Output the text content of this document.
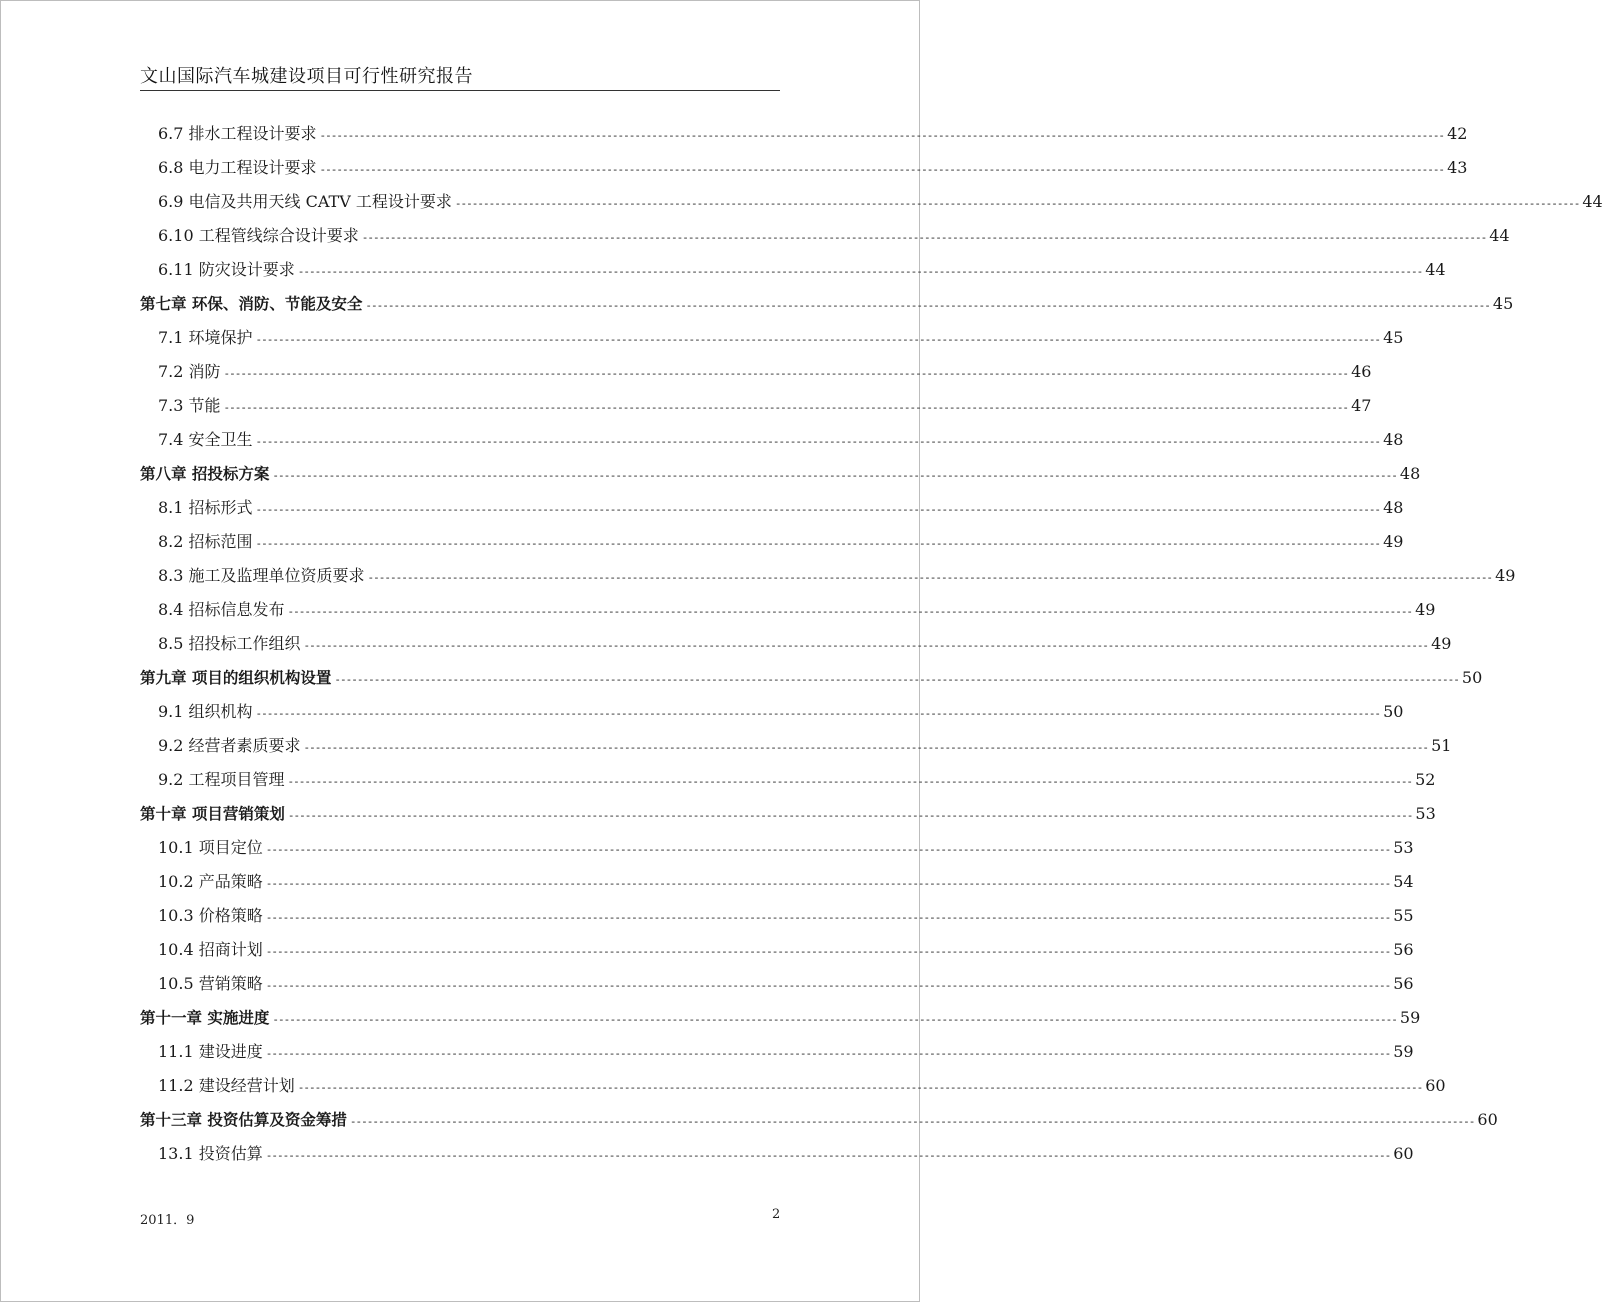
文山国际汽车城建设项目可行性研究报告
6.7 排水工程设计要求 -------------------------------------------------------------------------------------------------------------------------------------------------------------------------------------------------------- 42
6.8 电力工程设计要求 -------------------------------------------------------------------------------------------------------------------------------------------------------------------------------------------------------- 43
6.9 电信及共用天线 CATV 工程设计要求 -------------------------------------------------------------------------------------------------------------------------------------------------------------------------------------------------------- 44
6.10 工程管线综合设计要求 -------------------------------------------------------------------------------------------------------------------------------------------------------------------------------------------------------- 44
6.11 防灾设计要求 -------------------------------------------------------------------------------------------------------------------------------------------------------------------------------------------------------- 44
第七章 环保、消防、节能及安全 -------------------------------------------------------------------------------------------------------------------------------------------------------------------------------------------------------- 45
7.1 环境保护 -------------------------------------------------------------------------------------------------------------------------------------------------------------------------------------------------------- 45
7.2 消防 -------------------------------------------------------------------------------------------------------------------------------------------------------------------------------------------------------- 46
7.3 节能 -------------------------------------------------------------------------------------------------------------------------------------------------------------------------------------------------------- 47
7.4 安全卫生 -------------------------------------------------------------------------------------------------------------------------------------------------------------------------------------------------------- 48
第八章 招投标方案 -------------------------------------------------------------------------------------------------------------------------------------------------------------------------------------------------------- 48
8.1 招标形式 -------------------------------------------------------------------------------------------------------------------------------------------------------------------------------------------------------- 48
8.2 招标范围 -------------------------------------------------------------------------------------------------------------------------------------------------------------------------------------------------------- 49
8.3 施工及监理单位资质要求 -------------------------------------------------------------------------------------------------------------------------------------------------------------------------------------------------------- 49
8.4 招标信息发布 -------------------------------------------------------------------------------------------------------------------------------------------------------------------------------------------------------- 49
8.5 招投标工作组织 -------------------------------------------------------------------------------------------------------------------------------------------------------------------------------------------------------- 49
第九章 项目的组织机构设置 -------------------------------------------------------------------------------------------------------------------------------------------------------------------------------------------------------- 50
9.1 组织机构 -------------------------------------------------------------------------------------------------------------------------------------------------------------------------------------------------------- 50
9.2 经营者素质要求 -------------------------------------------------------------------------------------------------------------------------------------------------------------------------------------------------------- 51
9.2 工程项目管理 -------------------------------------------------------------------------------------------------------------------------------------------------------------------------------------------------------- 52
第十章 项目营销策划 -------------------------------------------------------------------------------------------------------------------------------------------------------------------------------------------------------- 53
10.1 项目定位 -------------------------------------------------------------------------------------------------------------------------------------------------------------------------------------------------------- 53
10.2 产品策略 -------------------------------------------------------------------------------------------------------------------------------------------------------------------------------------------------------- 54
10.3 价格策略 -------------------------------------------------------------------------------------------------------------------------------------------------------------------------------------------------------- 55
10.4 招商计划 -------------------------------------------------------------------------------------------------------------------------------------------------------------------------------------------------------- 56
10.5 营销策略 -------------------------------------------------------------------------------------------------------------------------------------------------------------------------------------------------------- 56
第十一章 实施进度 -------------------------------------------------------------------------------------------------------------------------------------------------------------------------------------------------------- 59
11.1 建设进度 -------------------------------------------------------------------------------------------------------------------------------------------------------------------------------------------------------- 59
11.2 建设经营计划 -------------------------------------------------------------------------------------------------------------------------------------------------------------------------------------------------------- 60
第十三章 投资估算及资金筹措 -------------------------------------------------------------------------------------------------------------------------------------------------------------------------------------------------------- 60
13.1 投资估算 -------------------------------------------------------------------------------------------------------------------------------------------------------------------------------------------------------- 60
2011．9	2
